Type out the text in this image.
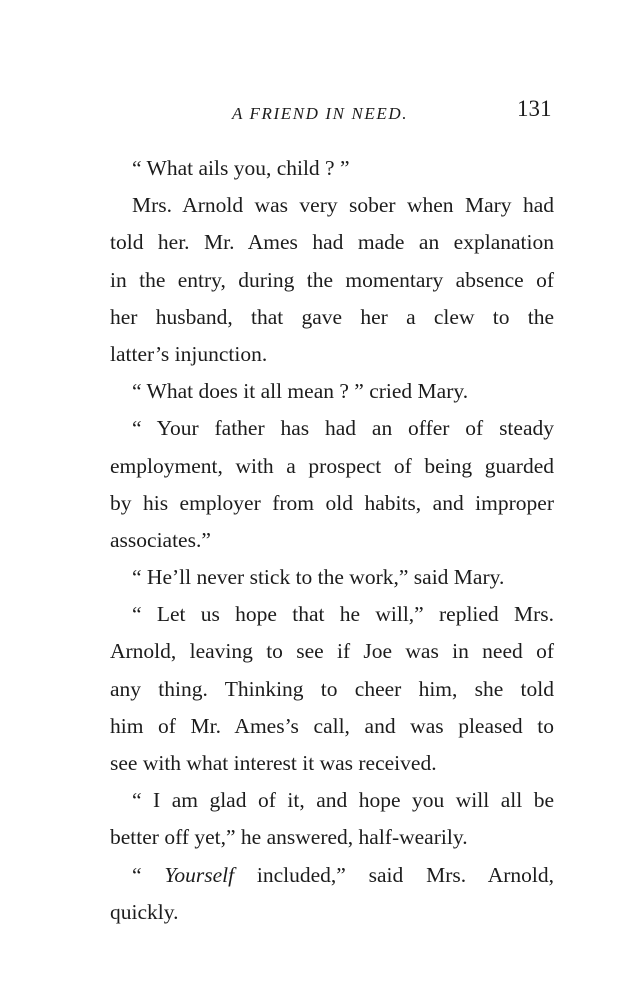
A FRIEND IN NEED.	131
“ What ails you, child ? ”
Mrs. Arnold was very sober when Mary had
told her. Mr. Ames had made an explanation
in the entry, during the momentary absence of
her husband, that gave her a clew to the
latter’s injunction.
“ What does it all mean ? ” cried Mary.
“ Your father has had an offer of steady
employment, with a prospect of being guarded
by his employer from old habits, and improper
associates.”
“ He’ll never stick to the work,” said Mary.
“ Let us hope that he will,” replied Mrs.
Arnold, leaving to see if Joe was in need of
any thing. Thinking to cheer him, she told
him of Mr. Ames’s call, and was pleased to
see with what interest it was received.
“ I am glad of it, and hope you will all be
better off yet,” he answered, half-wearily.
“ Yourself included,” said Mrs. Arnold,
quickly.
